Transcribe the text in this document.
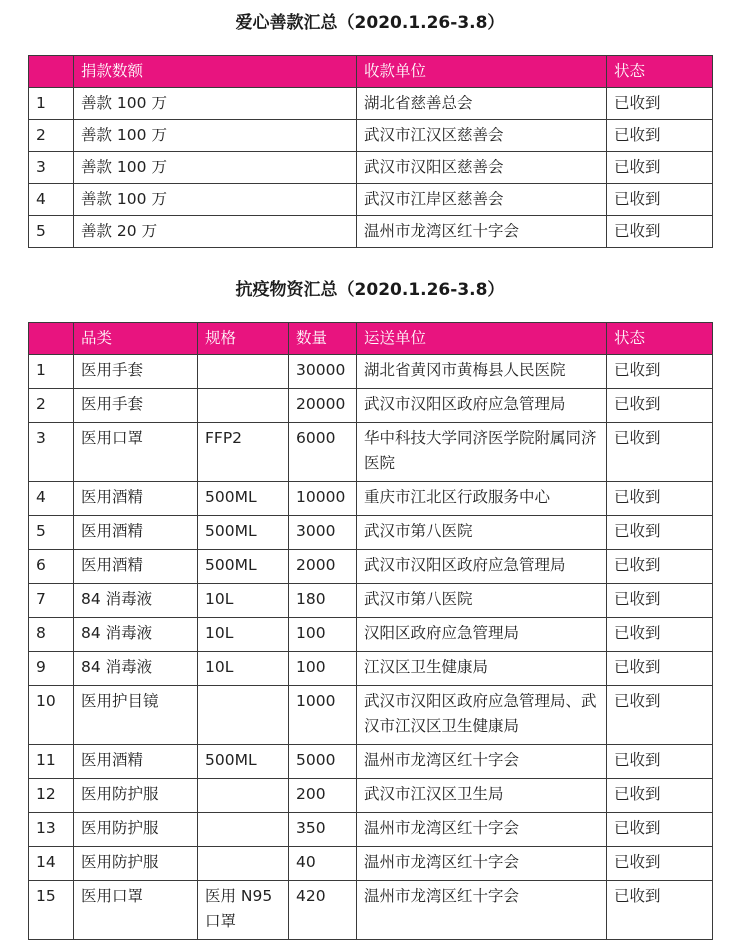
爱心善款汇总（2020.1.26-3.8）
	捐款数额	收款单位	状态
1	善款 100 万	湖北省慈善总会	已收到
2	善款 100 万	武汉市江汉区慈善会	已收到
3	善款 100 万	武汉市汉阳区慈善会	已收到
4	善款 100 万	武汉市江岸区慈善会	已收到
5	善款 20 万	温州市龙湾区红十字会	已收到
抗疫物资汇总（2020.1.26-3.8）
	品类	规格	数量	运送单位	状态
1	医用手套		30000	湖北省黄冈市黄梅县人民医院	已收到
2	医用手套		20000	武汉市汉阳区政府应急管理局	已收到
3	医用口罩	FFP2	6000	华中科技大学同济医学院附属同济医院	已收到
4	医用酒精	500ML	10000	重庆市江北区行政服务中心	已收到
5	医用酒精	500ML	3000	武汉市第八医院	已收到
6	医用酒精	500ML	2000	武汉市汉阳区政府应急管理局	已收到
7	84 消毒液	10L	180	武汉市第八医院	已收到
8	84 消毒液	10L	100	汉阳区政府应急管理局	已收到
9	84 消毒液	10L	100	江汉区卫生健康局	已收到
10	医用护目镜		1000	武汉市汉阳区政府应急管理局、武汉市江汉区卫生健康局	已收到
11	医用酒精	500ML	5000	温州市龙湾区红十字会	已收到
12	医用防护服		200	武汉市江汉区卫生局	已收到
13	医用防护服		350	温州市龙湾区红十字会	已收到
14	医用防护服		40	温州市龙湾区红十字会	已收到
15	医用口罩	医用 N95 口罩	420	温州市龙湾区红十字会	已收到
